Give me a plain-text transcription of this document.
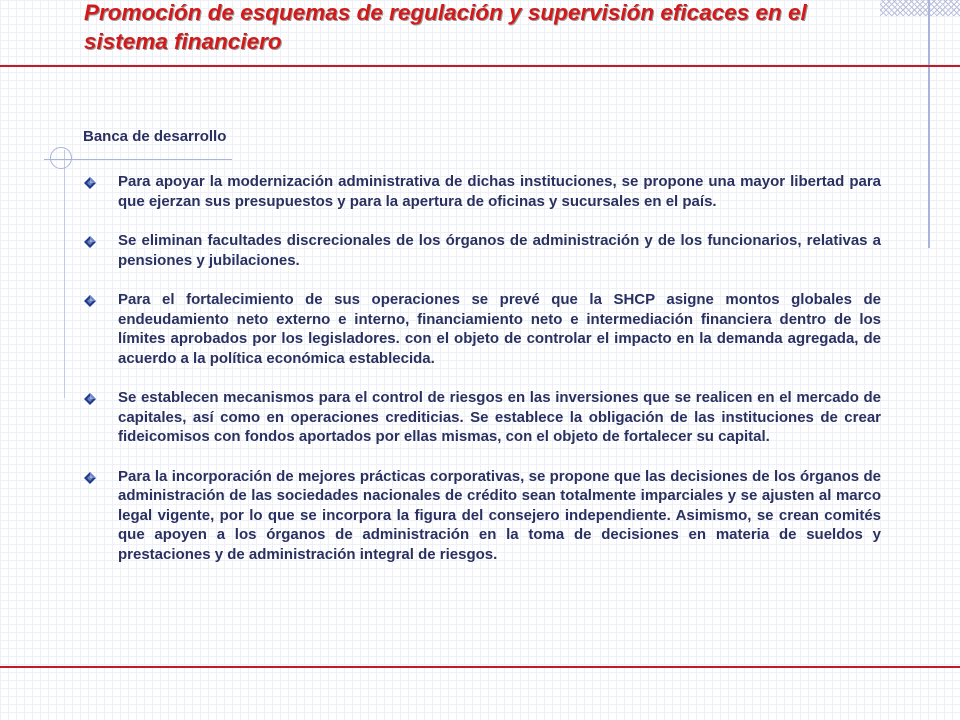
Promoción de esquemas de regulación y supervisión eficaces en el sistema financiero

Banca de desarrollo

Para apoyar la modernización administrativa de dichas instituciones, se propone una mayor libertad para que ejerzan sus presupuestos y para la apertura de oficinas y sucursales en el país.
Se eliminan facultades discrecionales de los órganos de administración y de los funcionarios, relativas a pensiones y jubilaciones.
Para el fortalecimiento de sus operaciones se prevé que la SHCP asigne montos globales de endeudamiento neto externo e interno, financiamiento neto e intermediación financiera dentro de los límites aprobados por los legisladores. con el objeto de controlar el impacto en la demanda agregada, de acuerdo a la política económica establecida.
Se establecen mecanismos para el control de riesgos en las inversiones que se realicen en el mercado de capitales, así como en operaciones crediticias. Se establece la obligación de las instituciones de crear fideicomisos con fondos aportados por ellas mismas, con el objeto de fortalecer su capital.
Para la incorporación de mejores prácticas corporativas, se propone que las decisiones de los órganos de administración de las sociedades nacionales de crédito sean totalmente imparciales y se ajusten al marco legal vigente, por lo que se incorpora la figura del consejero independiente. Asimismo, se crean comités que apoyen a los órganos de administración en la toma de decisiones en materia de sueldos y prestaciones y de administración integral de riesgos.
